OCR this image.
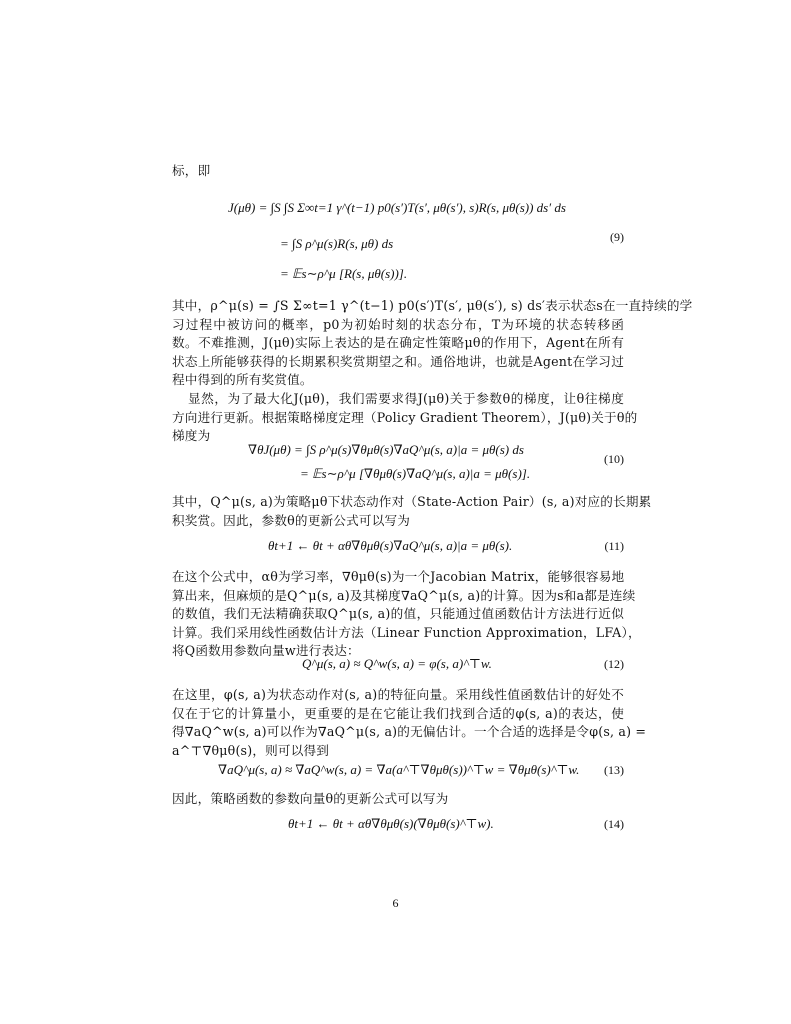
标，即
J(μθ) = ∫S ∫S Σ∞t=1 γ^(t−1) p0(s′)T(s′, μθ(s′), s)R(s, μθ(s)) ds′ ds
= ∫S ρ^μ(s)R(s, μθ) ds
= 𝔼s∼ρ^μ [R(s, μθ(s))].
(9)
其中，ρ^μ(s) = ∫S Σ∞t=1 γ^(t−1) p0(s′)T(s′, μθ(s′), s) ds′表示状态s在一直持续的学
习过程中被访问的概率，p0为初始时刻的状态分布，T为环境的状态转移函
数。不难推测，J(μθ)实际上表达的是在确定性策略μθ的作用下，Agent在所有
状态上所能够获得的长期累积奖赏期望之和。通俗地讲，也就是Agent在学习过
程中得到的所有奖赏值。
显然，为了最大化J(μθ)，我们需要求得J(μθ)关于参数θ的梯度，让θ往梯度
方向进行更新。根据策略梯度定理（Policy Gradient Theorem），J(μθ)关于θ的
梯度为
∇θJ(μθ) = ∫S ρ^μ(s)∇θμθ(s)∇aQ^μ(s, a)|a = μθ(s) ds
= 𝔼s∼ρ^μ [∇θμθ(s)∇aQ^μ(s, a)|a = μθ(s)].
(10)
其中，Q^μ(s, a)为策略μθ下状态动作对（State-Action Pair）(s, a)对应的长期累
积奖赏。因此，参数θ的更新公式可以写为
θt+1 ← θt + αθ∇θμθ(s)∇aQ^μ(s, a)|a = μθ(s).	(11)
在这个公式中，αθ为学习率，∇θμθ(s)为一个Jacobian Matrix，能够很容易地
算出来，但麻烦的是Q^μ(s, a)及其梯度∇aQ^μ(s, a)的计算。因为s和a都是连续
的数值，我们无法精确获取Q^μ(s, a)的值，只能通过值函数估计方法进行近似
计算。我们采用线性函数估计方法（Linear Function Approximation，LFA），
将Q函数用参数向量w进行表达：
Q^μ(s, a) ≈ Q^w(s, a) = φ(s, a)^⊤w.	(12)
在这里，φ(s, a)为状态动作对(s, a)的特征向量。采用线性值函数估计的好处不
仅在于它的计算量小，更重要的是在它能让我们找到合适的φ(s, a)的表达，使
得∇aQ^w(s, a)可以作为∇aQ^μ(s, a)的无偏估计。一个合适的选择是令φ(s, a) =
a^⊤∇θμθ(s)，则可以得到
∇aQ^μ(s, a) ≈ ∇aQ^w(s, a) = ∇a(a^⊤∇θμθ(s))^⊤w = ∇θμθ(s)^⊤w. (13)
因此，策略函数的参数向量θ的更新公式可以写为
θt+1 ← θt + αθ∇θμθ(s)(∇θμθ(s)^⊤w).	(14)
6
